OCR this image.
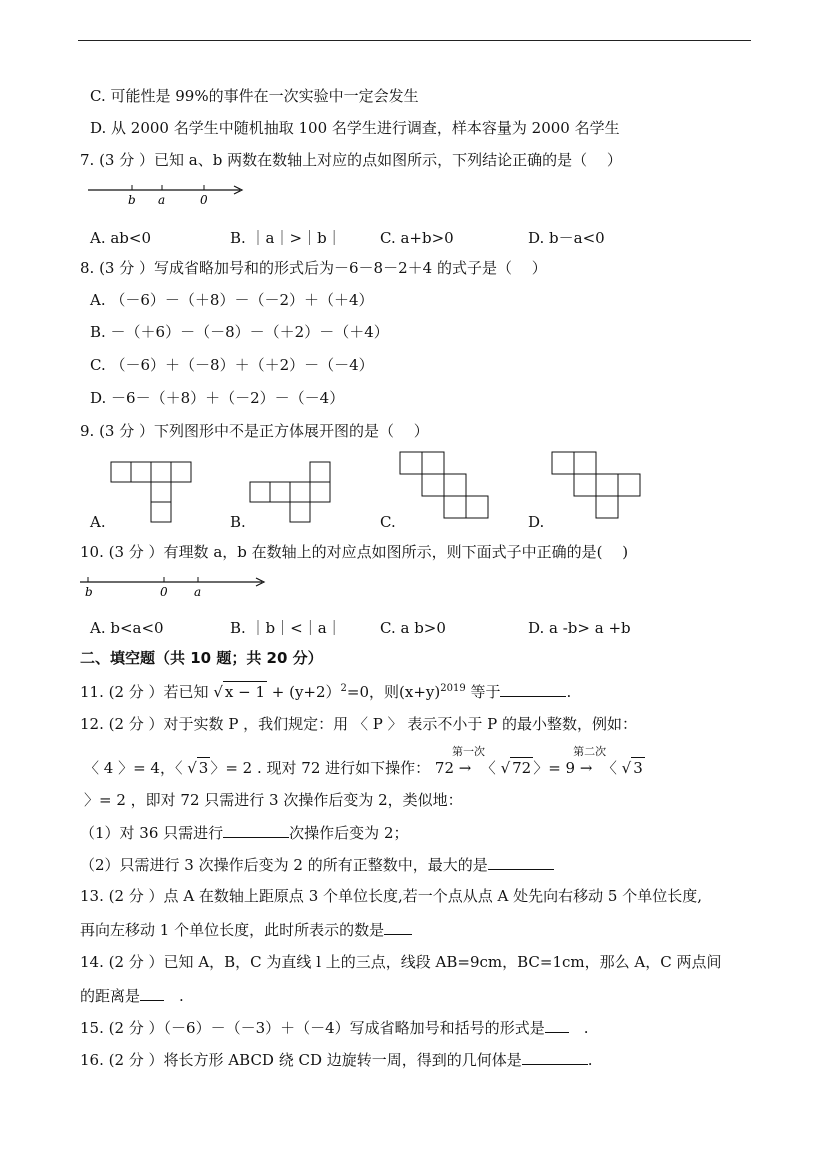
C. 可能性是 99%的事件在一次实验中一定会发生
D. 从 2000 名学生中随机抽取 100 名学生进行调查，样本容量为 2000 名学生
7. (3 分 ）已知 a、b 两数在数轴上对应的点如图所示，下列结论正确的是（　 ）
b a	0
A. ab<0	B. ｜a｜>｜b｜	C. a+b>0	D. b－a<0
8. (3 分 ）写成省略加号和的形式后为－6－8－2＋4 的式子是（　 ）
A. （－6）－（＋8）－（－2）＋（＋4）
B. －（＋6）－（－8）－（＋2）－（＋4）
C. （－6）＋（－8）＋（＋2）－（－4）
D. －6－（＋8）＋（－2）－（－4）
9. (3 分 ）下列图形中不是正方体展开图的是（　 ）
A.	B.	C.	D.
10. (3 分 ）有理数 a，b 在数轴上的对应点如图所示，则下面式子中正确的是(　 )
b	0 a
A. b<a<0	B. ｜b｜<｜a｜	C. a b>0	D. a -b> a +b
二、填空题（共 10 题；共 20 分）
11. (2 分 ）若已知 √ x − 1 + (y+2）$^2$=0，则$(x+y)^{2019}$ 等于	.
12. (2 分 ）对于实数 P ，我们规定：用 〈 P 〉 表示不小于 P 的最小整数，例如：
〈 4 〉= 4，〈 √ 3 〉= 2 . 现对 72 进行如下操作： 72
第一次
→ 〈 √ 72 〉= 9
第二次
→ 〈 √ 3
〉= 2 ，即对 72 只需进行 3 次操作后变为 2，类似地：
（1）对 36 只需进行	次操作后变为 2；
（2）只需进行 3 次操作后变为 2 的所有正整数中，最大的是
13. (2 分 ）点 A 在数轴上距原点 3 个单位长度,若一个点从点 A 处先向右移动 5 个单位长度,
再向左移动 1 个单位长度，此时所表示的数是
14. (2 分 ）已知 A，B，C 为直线 l 上的三点，线段 AB=9cm，BC=1cm，那么 A，C 两点间
的距离是　.
15. (2 分 ）（－6）－（－3）＋（－4）写成省略加号和括号的形式是　.
16. (2 分 ）将长方形 ABCD 绕 CD 边旋转一周，得到的几何体是	.
